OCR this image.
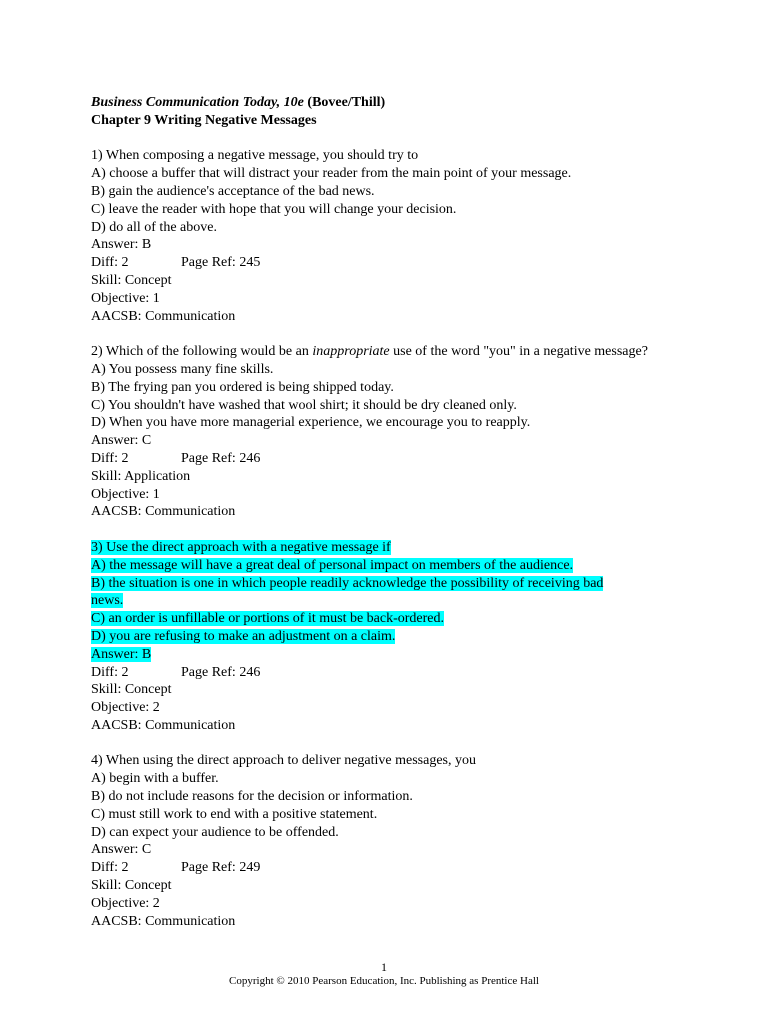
Business Communication Today, 10e (Bovee/Thill)
Chapter 9 Writing Negative Messages
1) When composing a negative message, you should try to
A) choose a buffer that will distract your reader from the main point of your message.
B) gain the audience's acceptance of the bad news.
C) leave the reader with hope that you will change your decision.
D) do all of the above.
Answer: B
Diff: 2	Page Ref: 245
Skill: Concept
Objective: 1
AACSB: Communication
2) Which of the following would be an inappropriate use of the word "you" in a negative message?
A) You possess many fine skills.
B) The frying pan you ordered is being shipped today.
C) You shouldn't have washed that wool shirt; it should be dry cleaned only.
D) When you have more managerial experience, we encourage you to reapply.
Answer: C
Diff: 2	Page Ref: 246
Skill: Application
Objective: 1
AACSB: Communication
3) Use the direct approach with a negative message if
A) the message will have a great deal of personal impact on members of the audience.
B) the situation is one in which people readily acknowledge the possibility of receiving bad
news.
C) an order is unfillable or portions of it must be back-ordered.
D) you are refusing to make an adjustment on a claim.
Answer: B
Diff: 2	Page Ref: 246
Skill: Concept
Objective: 2
AACSB: Communication
4) When using the direct approach to deliver negative messages, you
A) begin with a buffer.
B) do not include reasons for the decision or information.
C) must still work to end with a positive statement.
D) can expect your audience to be offended.
Answer: C
Diff: 2	Page Ref: 249
Skill: Concept
Objective: 2
AACSB: Communication
1
Copyright © 2010 Pearson Education, Inc. Publishing as Prentice Hall
